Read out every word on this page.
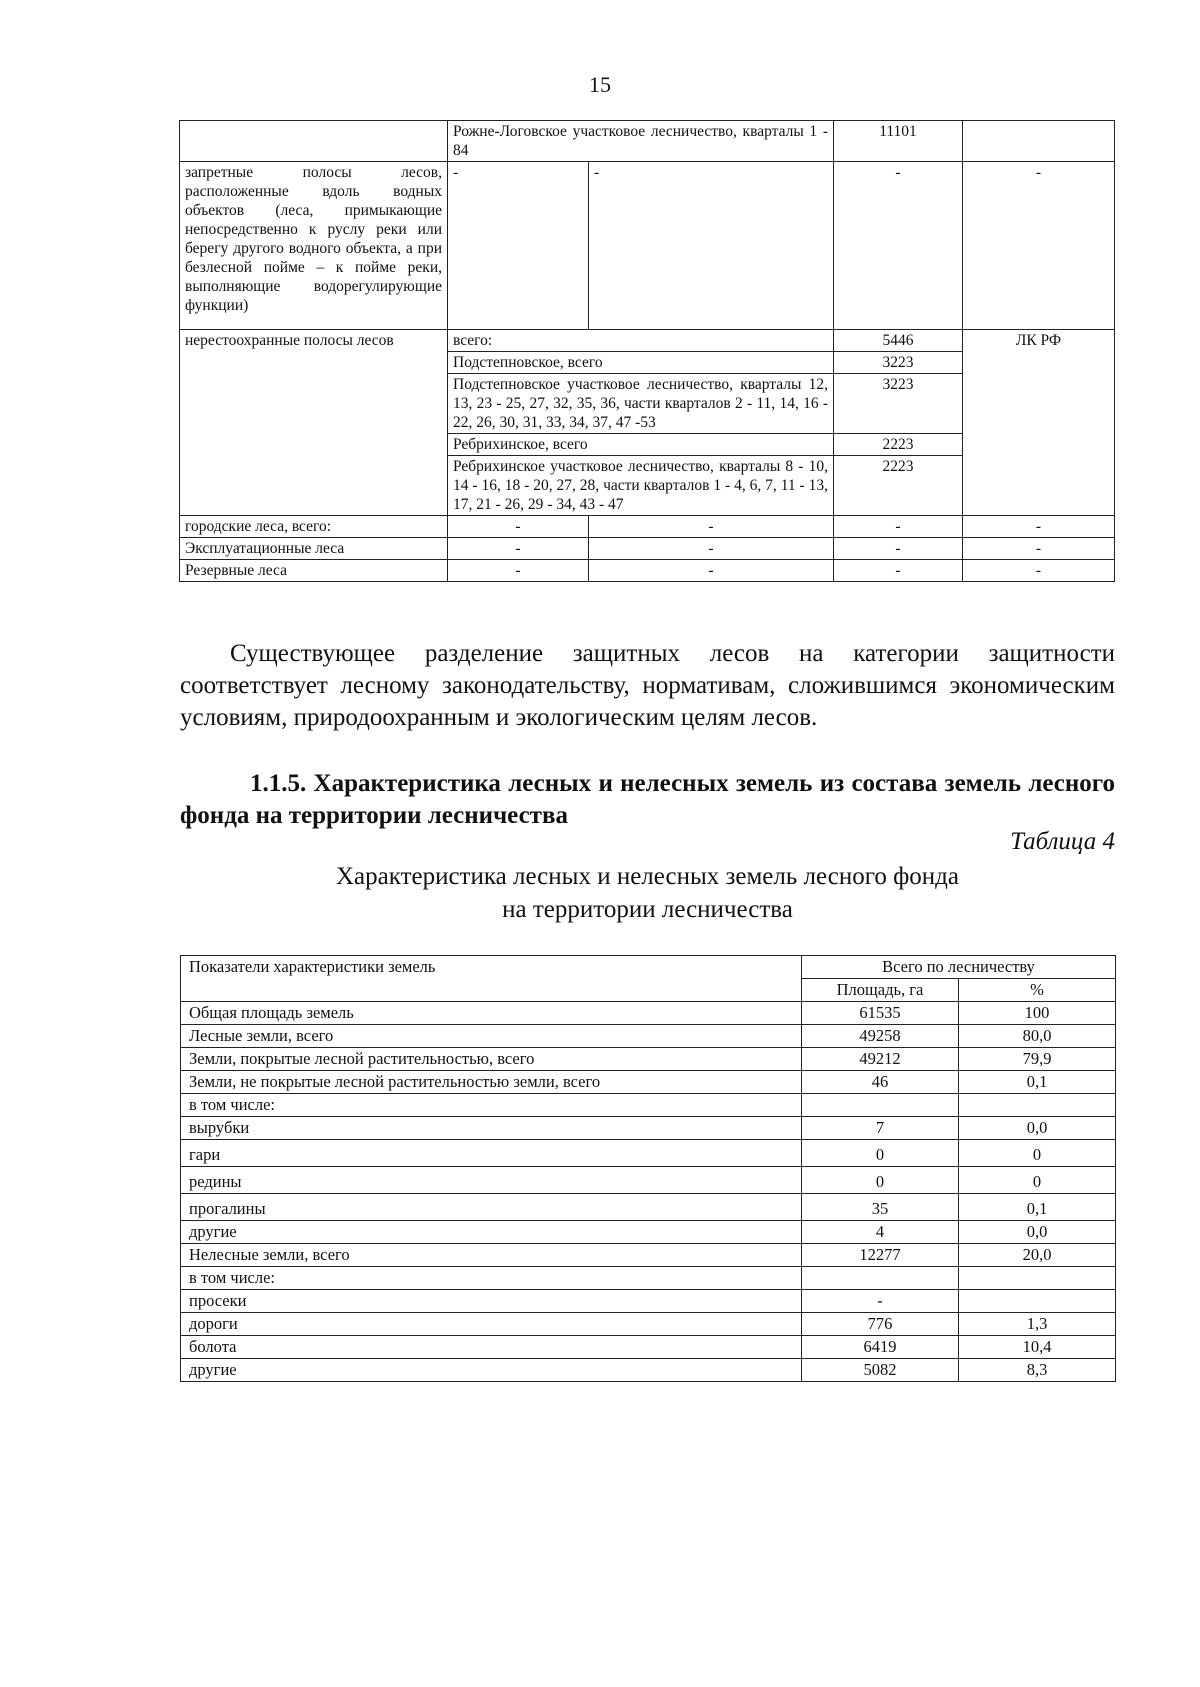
15
	Рожне-Логовское участковое лесничество, кварталы 1 - 84		11101	
запретные полосы лесов, расположенные вдоль водных объектов (леса, примыкающие непосредственно к руслу реки или берегу другого водного объекта, а при безлесной пойме – к пойме реки, выполняющие водорегулирующие функции)	-	-	-	-
нерестоохранные полосы лесов	всего:		5446	ЛК РФ
	Подстепновское, всего		3223	
	Подстепновское участковое лесничество, кварталы 12, 13, 23 - 25, 27, 32, 35, 36, части кварталов 2 - 11, 14, 16 - 22, 26, 30, 31, 33, 34, 37, 47 -53		3223	
	Ребрихинское, всего		2223	
	Ребрихинское участковое лесничество, кварталы 8 - 10, 14 - 16, 18 - 20, 27, 28, части кварталов 1 - 4, 6, 7, 11 - 13, 17, 21 - 26, 29 - 34, 43 - 47		2223	
городские леса, всего:	-	-	-	-
Эксплуатационные леса	-	-	-	-
Резервные леса	-	-	-	-
Существующее разделение защитных лесов на категории защитности соответствует лесному законодательству, нормативам, сложившимся экономическим условиям, природоохранным и экологическим целям лесов.
1.1.5. Характеристика лесных и нелесных земель из состава земель лесного фонда на территории лесничества
Таблица 4
Характеристика лесных и нелесных земель лесного фонда
на территории лесничества
Показатели характеристики земель	Всего по лесничеству	
	Площадь, га	%
Общая площадь земель	61535	100
Лесные земли, всего	49258	80,0
Земли, покрытые лесной растительностью, всего	49212	79,9
Земли, не покрытые лесной растительностью земли, всего	46	0,1
в том числе:		
вырубки	7	0,0
гари	0	0
редины	0	0
прогалины	35	0,1
другие	4	0,0
Нелесные земли, всего	12277	20,0
в том числе:		
просеки	-	
дороги	776	1,3
болота	6419	10,4
другие	5082	8,3
